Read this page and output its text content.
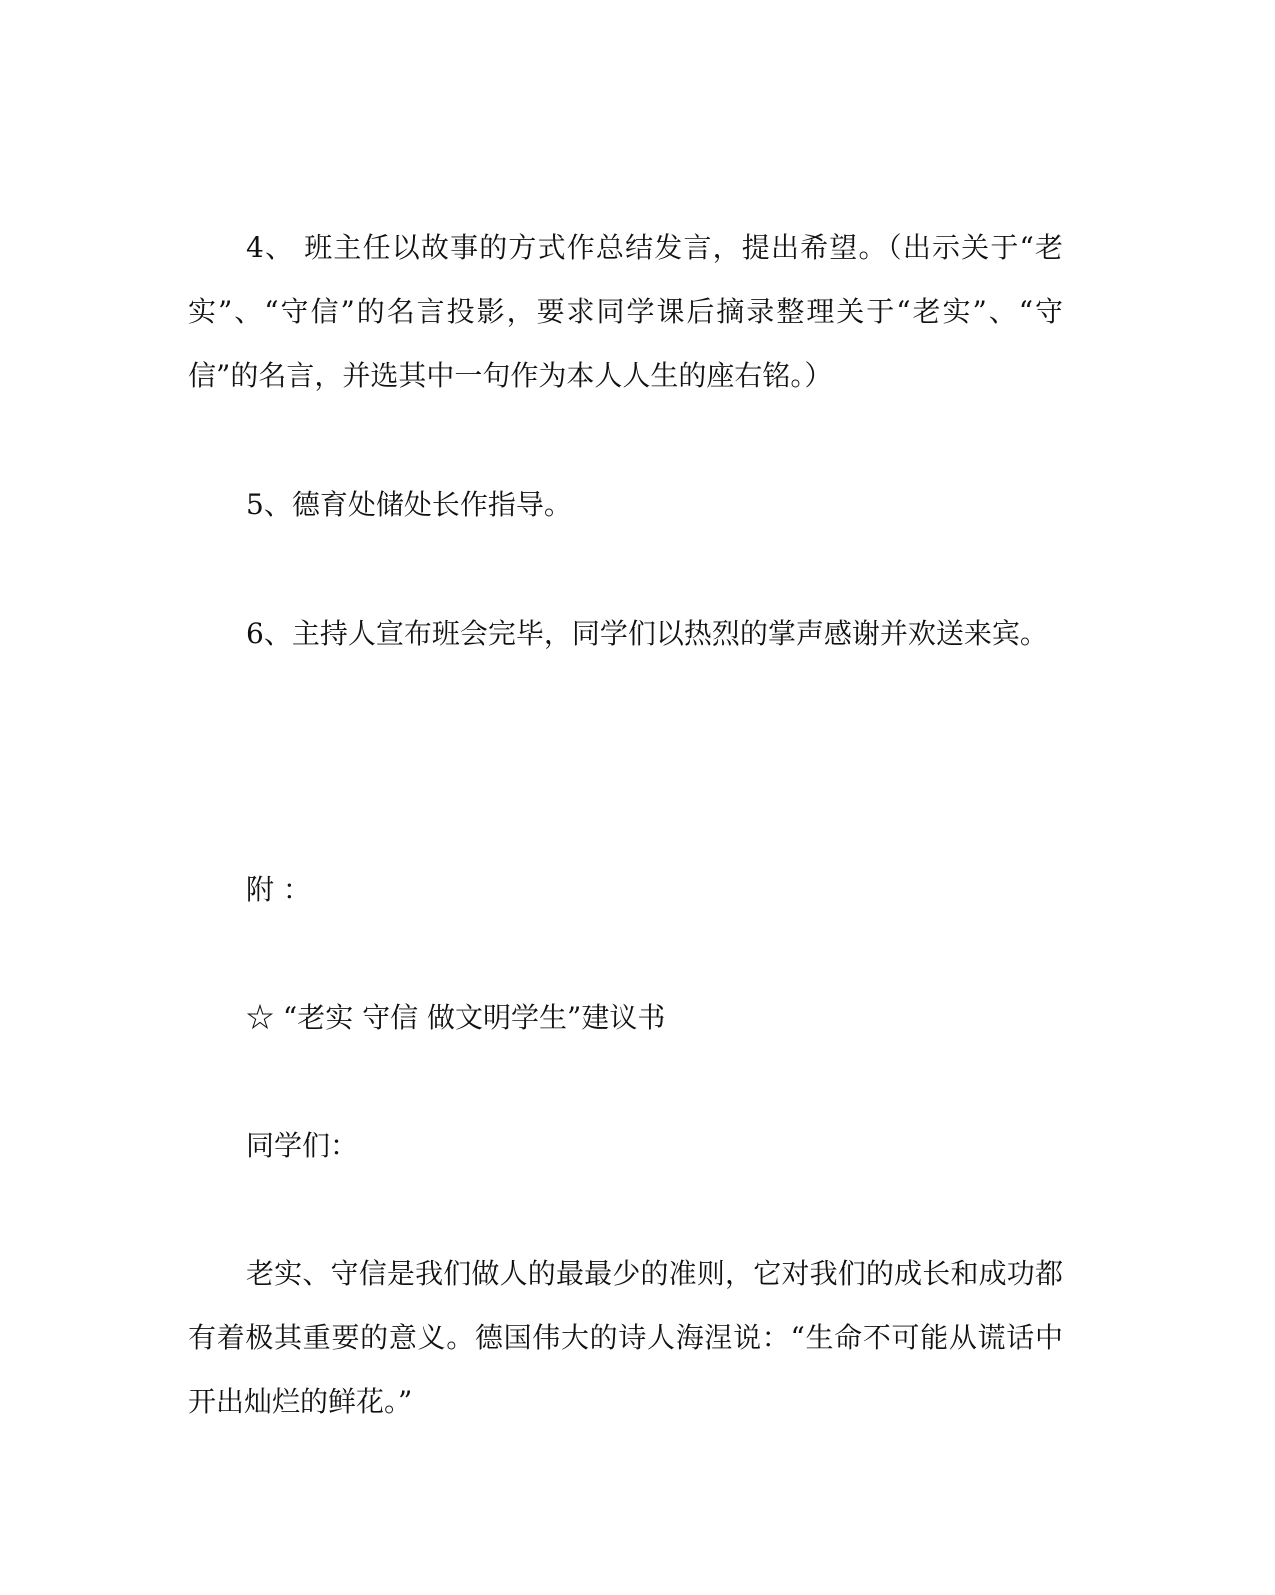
4、 班主任以故事的方式作总结发言，提出希望。（出示关于“老实”、“守信”的名言投影，要求同学课后摘录整理关于“老实”、“守信”的名言，并选其中一句作为本人人生的座右铭。）

5、德育处储处长作指导。

6、主持人宣布班会完毕，同学们以热烈的掌声感谢并欢送来宾。

附 ：

☆ “老实 守信 做文明学生”建议书

同学们：

老实、守信是我们做人的最最少的准则，它对我们的成长和成功都有着极其重要的意义。德国伟大的诗人海涅说：“生命不可能从谎话中开出灿烂的鲜花。”
